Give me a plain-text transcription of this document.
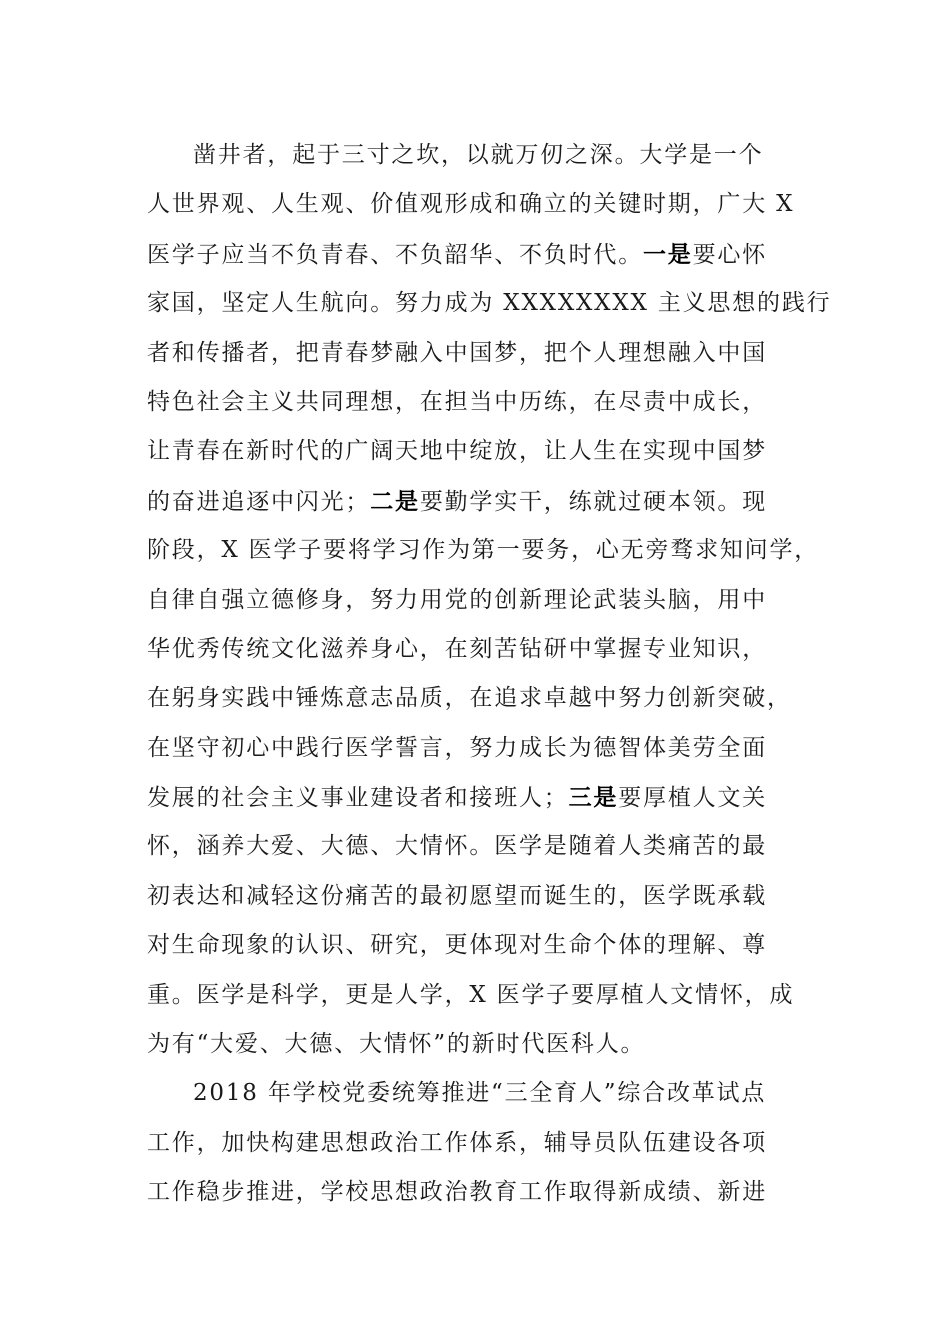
凿井者，起于三寸之坎，以就万仞之深。大学是一个
人世界观、人生观、价值观形成和确立的关键时期，广大 X
医学子应当不负青春、不负韶华、不负时代。一是要心怀
家国，坚定人生航向。努力成为 XXXXXXXX 主义思想的践行
者和传播者，把青春梦融入中国梦，把个人理想融入中国
特色社会主义共同理想，在担当中历练，在尽责中成长，
让青春在新时代的广阔天地中绽放，让人生在实现中国梦
的奋进追逐中闪光；二是要勤学实干，练就过硬本领。现
阶段，X 医学子要将学习作为第一要务，心无旁骛求知问学，
自律自强立德修身，努力用党的创新理论武装头脑，用中
华优秀传统文化滋养身心，在刻苦钻研中掌握专业知识，
在躬身实践中锤炼意志品质，在追求卓越中努力创新突破，
在坚守初心中践行医学誓言，努力成长为德智体美劳全面
发展的社会主义事业建设者和接班人；三是要厚植人文关
怀，涵养大爱、大德、大情怀。医学是随着人类痛苦的最
初表达和减轻这份痛苦的最初愿望而诞生的，医学既承载
对生命现象的认识、研究，更体现对生命个体的理解、尊
重。医学是科学，更是人学，X 医学子要厚植人文情怀，成
为有“大爱、大德、大情怀”的新时代医科人。
2018 年学校党委统筹推进“三全育人”综合改革试点
工作，加快构建思想政治工作体系，辅导员队伍建设各项
工作稳步推进，学校思想政治教育工作取得新成绩、新进
